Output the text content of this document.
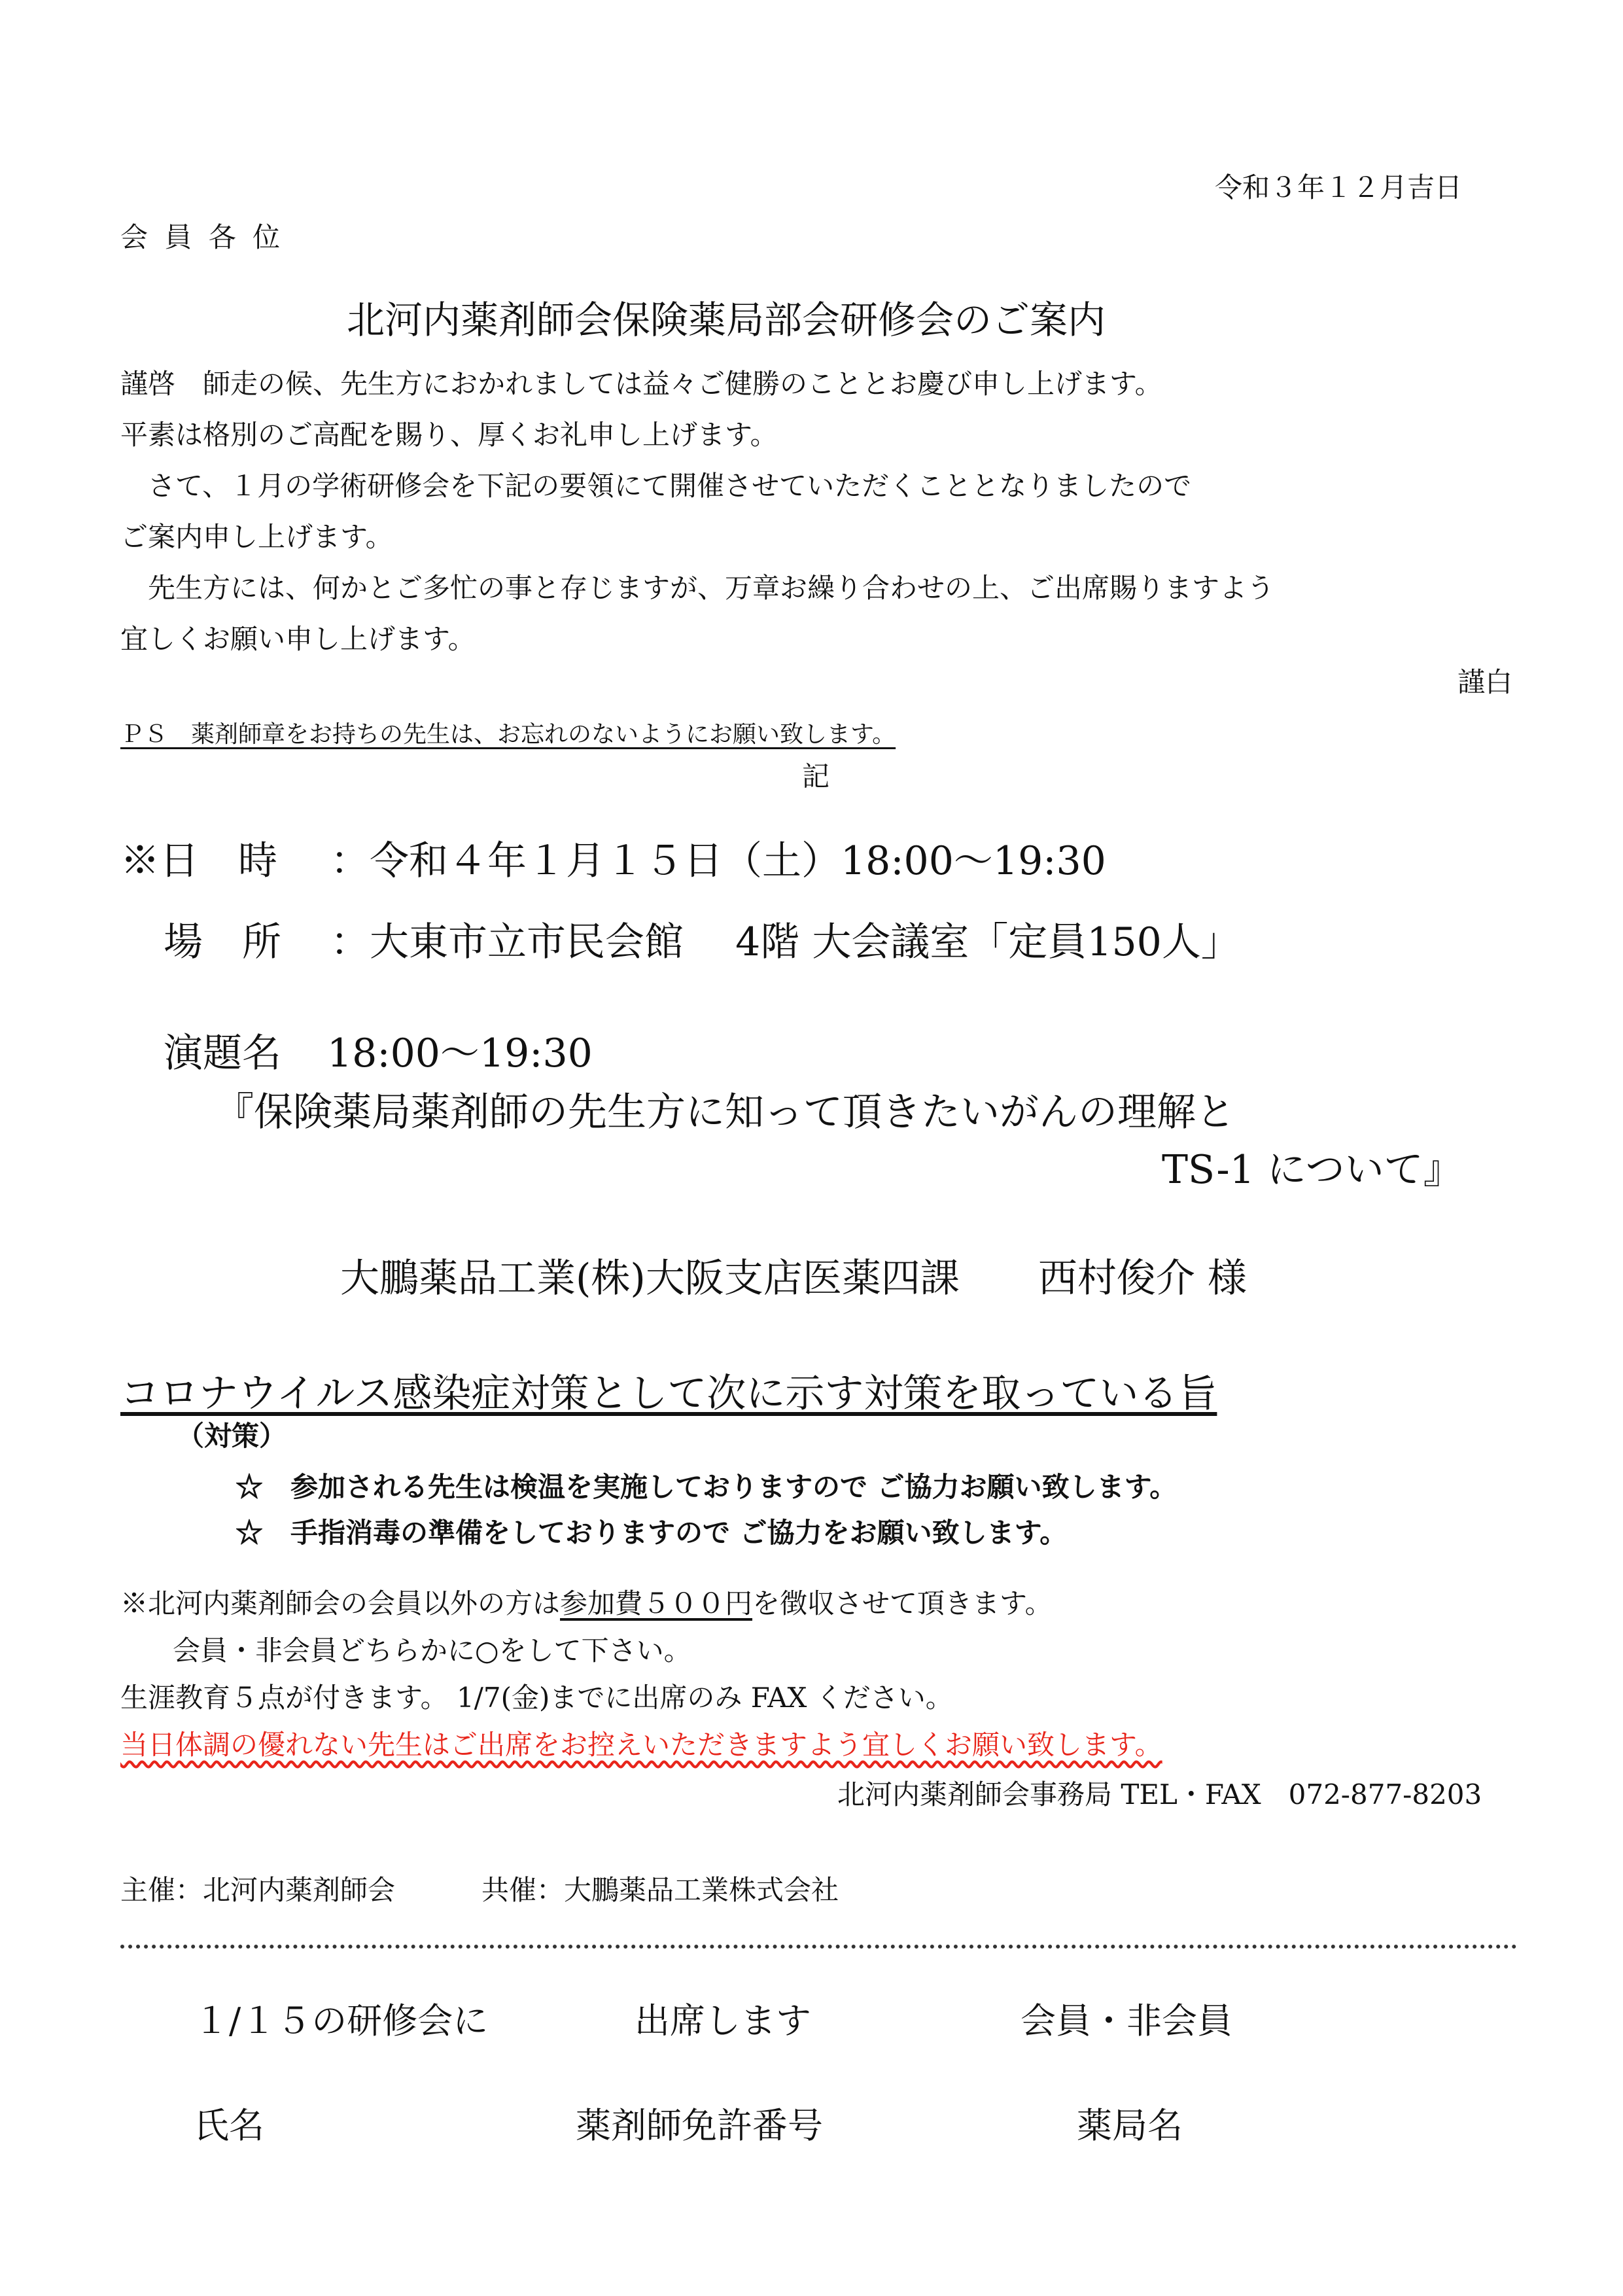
令和３年１２月吉日
会 員 各 位
北河内薬剤師会保険薬局部会研修会のご案内
謹啓　師走の候、先生方におかれましては益々ご健勝のこととお慶び申し上げます。
平素は格別のご高配を賜り、厚くお礼申し上げます。
　さて、１月の学術研修会を下記の要領にて開催させていただくこととなりましたので
ご案内申し上げます。
　先生方には、何かとご多忙の事と存じますが、万章お繰り合わせの上、ご出席賜りますよう
宜しくお願い申し上げます。
謹白
ＰＳ　薬剤師章をお持ちの先生は、お忘れのないようにお願い致します。
記
※日　時 ：令和４年１月１５日（土）18:00～19:30
場　所 ：大東市立市民会館　 4階 大会議室「定員150人」
演題名 18:00～19:30
『保険薬局薬剤師の先生方に知って頂きたいがんの理解と
TS-1 について』
大鵬薬品工業(株)大阪支店医薬四課　　西村俊介 様
コロナウイルス感染症対策として次に示す対策を取っている旨
（対策）
☆　参加される先生は検温を実施しておりますので ご協力お願い致します。
☆　手指消毒の準備をしておりますので ご協力をお願い致します。
※北河内薬剤師会の会員以外の方は参加費５００円を徴収させて頂きます。
会員・非会員どちらかに○をして下さい。
生涯教育５点が付きます。 1/7(金)までに出席のみ FAX ください。
当日体調の優れない先生はご出席をお控えいただきますよう宜しくお願い致します。
北河内薬剤師会事務局 TEL・FAX　072-877-8203
主催：北河内薬剤師会	共催：大鵬薬品工業株式会社
１/１５の研修会に	出席します	会員・非会員
氏名	薬剤師免許番号	薬局名
